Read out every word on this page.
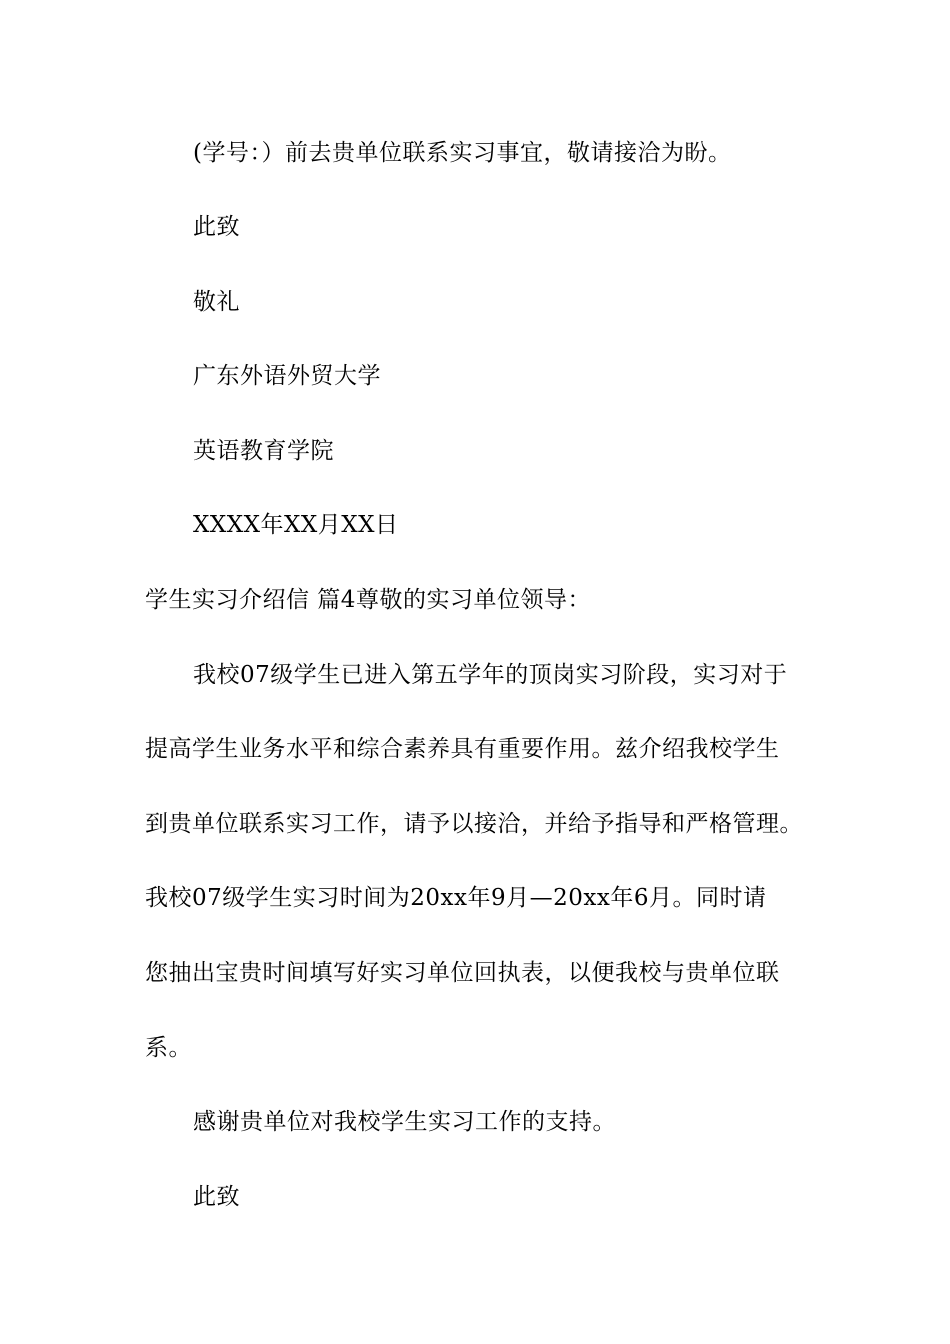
(学号：）前去贵单位联系实习事宜，敬请接洽为盼。
此致
敬礼
广东外语外贸大学
英语教育学院
XXXX年XX月XX日
学生实习介绍信 篇4尊敬的实习单位领导：
我校07级学生已进入第五学年的顶岗实习阶段，实习对于
提高学生业务水平和综合素养具有重要作用。兹介绍我校学生
到贵单位联系实习工作，请予以接洽，并给予指导和严格管理。
我校07级学生实习时间为20xx年9月—20xx年6月。同时请
您抽出宝贵时间填写好实习单位回执表，以便我校与贵单位联
系。
感谢贵单位对我校学生实习工作的支持。
此致
